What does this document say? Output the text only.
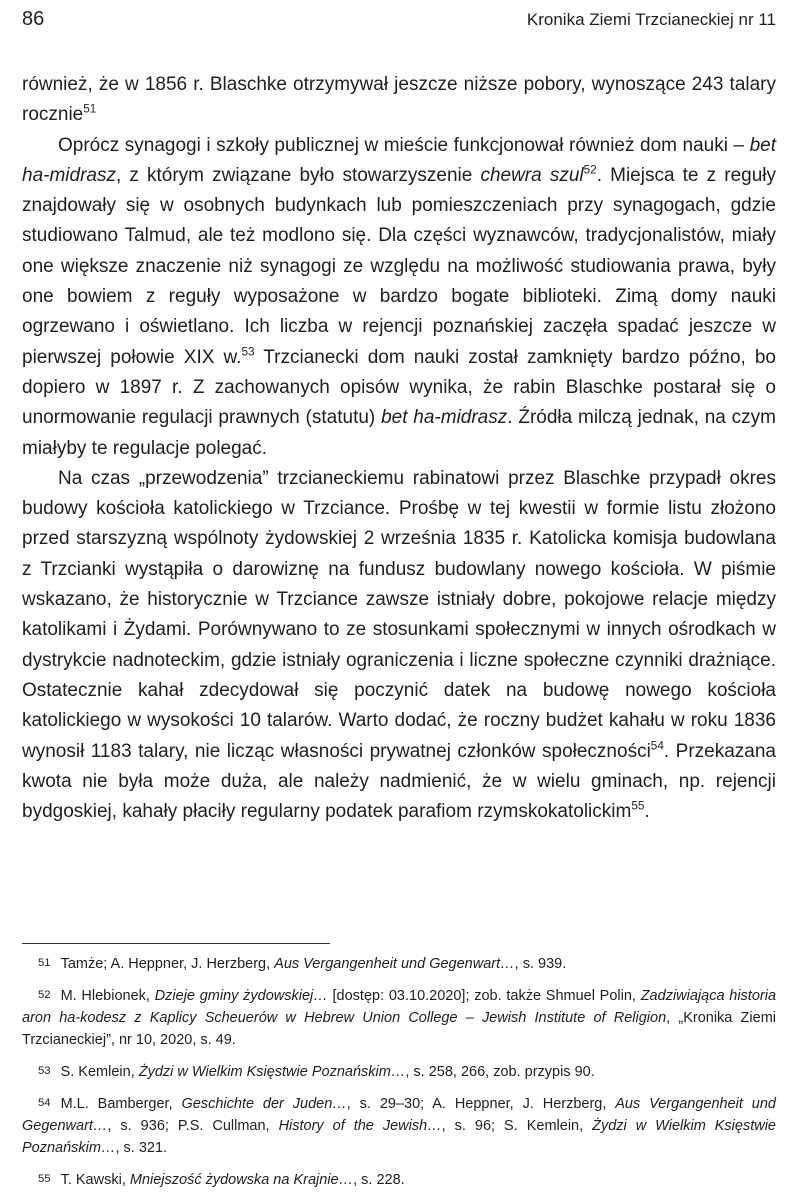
86	Kronika Ziemi Trzcianeckiej nr 11

również, że w 1856 r. Blaschke otrzymywał jeszcze niższe pobory, wynoszące 243 talary rocznie$^{51}$

Oprócz synagogi i szkoły publicznej w mieście funkcjonował również dom nauki – bet ha-midrasz, z którym związane było stowarzyszenie chewra szul$^{52}$. Miejsca te z reguły znajdowały się w osobnych budynkach lub pomieszczeniach przy synagogach, gdzie studiowano Talmud, ale też modlono się. Dla części wyznawców, tradycjonalistów, miały one większe znaczenie niż synagogi ze względu na możliwość studiowania prawa, były one bowiem z reguły wyposażone w bardzo bogate biblioteki. Zimą domy nauki ogrzewano i oświetlano. Ich liczba w rejencji poznańskiej zaczęła spadać jeszcze w pierwszej połowie XIX w.$^{53}$ Trzcianecki dom nauki został zamknięty bardzo późno, bo dopiero w 1897 r. Z zachowanych opisów wynika, że rabin Blaschke postarał się o unormowanie regulacji prawnych (statutu) bet ha-midrasz. Źródła milczą jednak, na czym miałyby te regulacje polegać.

Na czas „przewodzenia” trzcianeckiemu rabinatowi przez Blaschke przypadł okres budowy kościoła katolickiego w Trzciance. Prośbę w tej kwestii w formie listu złożono przed starszyzną wspólnoty żydowskiej 2 września 1835 r. Katolicka komisja budowlana z Trzcianki wystąpiła o darowiznę na fundusz budowlany nowego kościoła. W piśmie wskazano, że historycznie w Trzciance zawsze istniały dobre, pokojowe relacje między katolikami i Żydami. Porównywano to ze stosunkami społecznymi w innych ośrodkach w dystrykcie nadnoteckim, gdzie istniały ograniczenia i liczne społeczne czynniki drażniące. Ostatecznie kahał zdecydował się poczynić datek na budowę nowego kościoła katolickiego w wysokości 10 talarów. Warto dodać, że roczny budżet kahału w roku 1836 wynosił 1183 talary, nie licząc własności prywatnej członków społeczności$^{54}$. Przekazana kwota nie była może duża, ale należy nadmienić, że w wielu gminach, np. rejencji bydgoskiej, kahały płaciły regularny podatek parafiom rzymskokatolickim$^{55}$.

51 Tamże; A. Heppner, J. Herzberg, Aus Vergangenheit und Gegenwart…, s. 939.

52 M. Hlebionek, Dzieje gminy żydowskiej… [dostęp: 03.10.2020]; zob. także Shmuel Polin, Zadziwiająca historia aron ha-kodesz z Kaplicy Scheuerów w Hebrew Union College – Jewish Institute of Religion, „Kronika Ziemi Trzcianeckiej”, nr 10, 2020, s. 49.

53 S. Kemlein, Żydzi w Wielkim Księstwie Poznańskim…, s. 258, 266, zob. przypis 90.

54 M.L. Bamberger, Geschichte der Juden…, s. 29–30; A. Heppner, J. Herzberg, Aus Vergangenheit und Gegenwart…, s. 936; P.S. Cullman, History of the Jewish…, s. 96; S. Kemlein, Żydzi w Wielkim Księstwie Poznańskim…, s. 321.

55 T. Kawski, Mniejszość żydowska na Krajnie…, s. 228.
